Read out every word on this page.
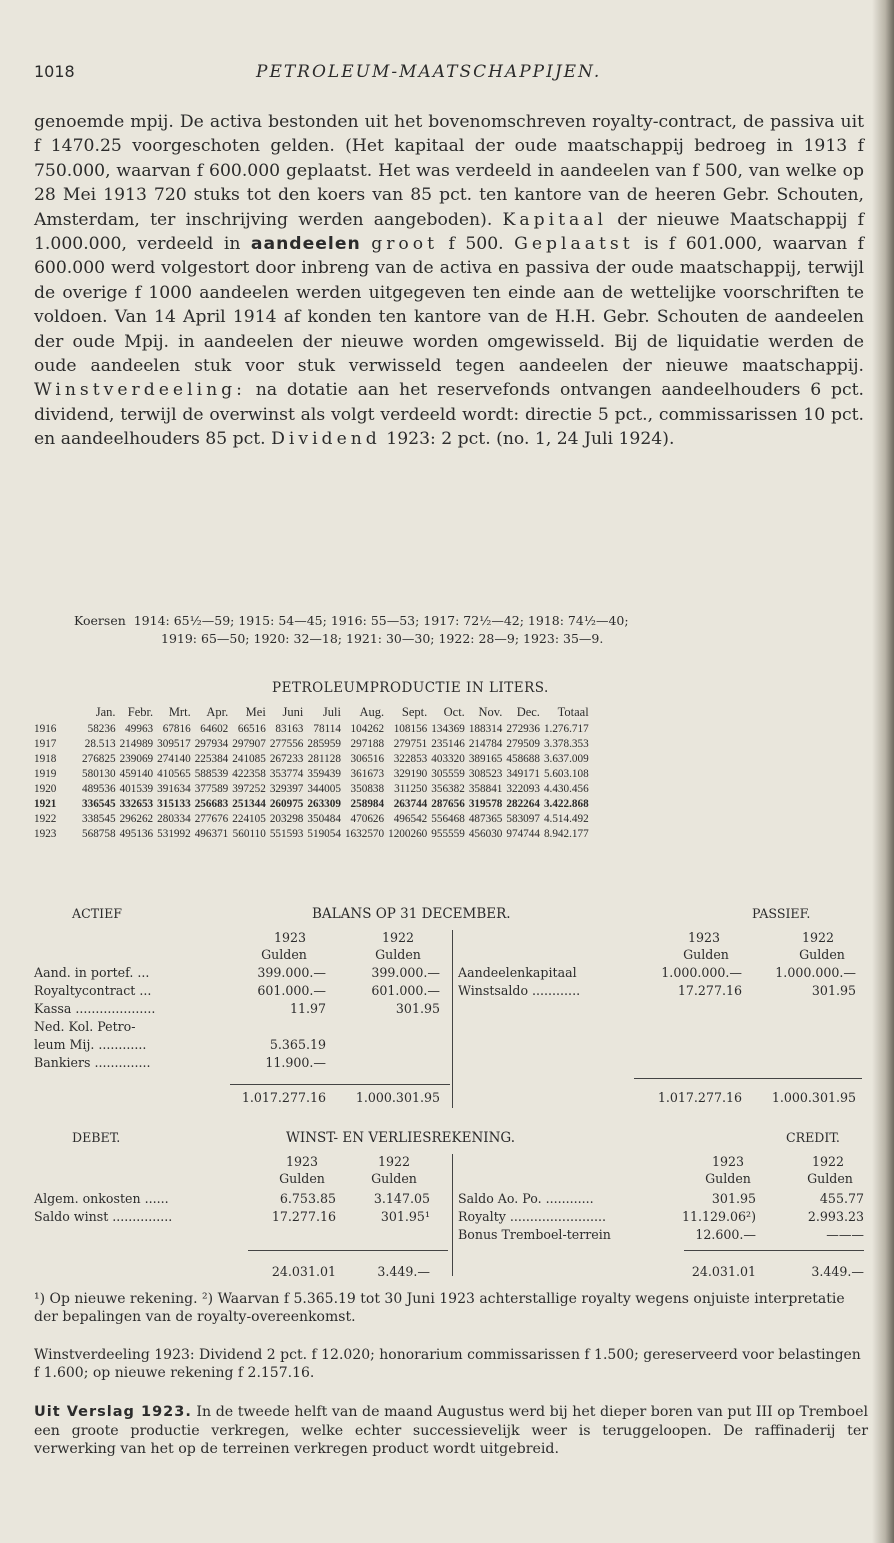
1018	PETROLEUM-MAATSCHAPPIJEN.
genoemde mpij. De activa bestonden uit het bovenomschreven royalty-contract, de passiva uit f 1470.25 voorgeschoten gelden. (Het kapitaal der oude maatschappij bedroeg in 1913 f 750.000, waarvan f 600.000 geplaatst. Het was verdeeld in aandeelen van f 500, van welke op 28 Mei 1913 720 stuks tot den koers van 85 pct. ten kantore van de heeren Gebr. Schouten, Amsterdam, ter inschrijving werden aangeboden). Kapitaal der nieuwe Maatschappij f 1.000.000, verdeeld in aandeelen groot f 500. Geplaatst is f 601.000, waarvan f 600.000 werd volgestort door inbreng van de activa en passiva der oude maatschappij, terwijl de overige f 1000 aandeelen werden uitgegeven ten einde aan de wettelijke voorschriften te voldoen. Van 14 April 1914 af konden ten kantore van de H.H. Gebr. Schouten de aandeelen der oude Mpij. in aandeelen der nieuwe worden omgewisseld. Bij de liquidatie werden de oude aandeelen stuk voor stuk verwisseld tegen aandeelen der nieuwe maatschappij. Winstverdeeling: na dotatie aan het reservefonds ontvangen aandeelhouders 6 pct. dividend, terwijl de overwinst als volgt verdeeld wordt: directie 5 pct., commissarissen 10 pct. en aandeelhouders 85 pct. Dividend 1923: 2 pct. (no. 1, 24 Juli 1924).
Koersen 1914: 65½—59; 1915: 54—45; 1916: 55—53; 1917: 72½—42; 1918: 74½—40;
1919: 65—50; 1920: 32—18; 1921: 30—30; 1922: 28—9; 1923: 35—9.
PETROLEUMPRODUCTIE IN LITERS.
	Jan.	Febr.	Mrt.	Apr.	Mei	Juni	Juli	Aug.	Sept.	Oct.	Nov.	Dec.	Totaal
1916	58236	49963	67816	64602	66516	83163	78114	104262	108156	134369	188314	272936	1.276.717
1917	28.513	214989	309517	297934	297907	277556	285959	297188	279751	235146	214784	279509	3.378.353
1918	276825	239069	274140	225384	241085	267233	281128	306516	322853	403320	389165	458688	3.637.009
1919	580130	459140	410565	588539	422358	353774	359439	361673	329190	305559	308523	349171	5.603.108
1920	489536	401539	391634	377589	397252	329397	344005	350838	311250	356382	358841	322093	4.430.456
1921	336545	332653	315133	256683	251344	260975	263309	258984	263744	287656	319578	282264	3.422.868
1922	338545	296262	280334	277676	224105	203298	350484	470626	496542	556468	487365	583097	4.514.492
1923	568758	495136	531992	496371	560110	551593	519054	1632570	1200260	955559	456030	974744	8.942.177
ACTIEF	BALANS OP 31 DECEMBER.	PASSIEF.
1923	1922
Gulden	Gulden
1923	1922
Gulden	Gulden
Aand. in portef. ...	399.000.—	399.000.—
Royaltycontract ...	601.000.—	601.000.—
Kassa ....................	11.97	301.95
Ned. Kol. Petro-
leum Mij. ............	5.365.19
Bankiers ..............	11.900.—
Aandeelenkapitaal	1.000.000.—	1.000.000.—
Winstsaldo ............	17.277.16	301.95
1.017.277.16	1.000.301.95	1.017.277.16	1.000.301.95
DEBET.	WINST- EN VERLIESREKENING.	CREDIT.
1923	1922
Gulden	Gulden
1923	1922
Gulden	Gulden
Algem. onkosten ......	6.753.85	3.147.05
Saldo winst ...............	17.277.16	301.95¹
Saldo Ao. Po. ............	301.95	455.77
Royalty ........................	11.129.06²)	2.993.23
Bonus Tremboel-terrein	12.600.—	———
24.031.01	3.449.—	24.031.01	3.449.—
¹) Op nieuwe rekening. ²) Waarvan f 5.365.19 tot 30 Juni 1923 achterstallige royalty wegens onjuiste interpretatie der bepalingen van de royalty-overeenkomst.
Winstverdeeling 1923: Dividend 2 pct. f 12.020; honorarium commissarissen f 1.500; gereserveerd voor belastingen f 1.600; op nieuwe rekening f 2.157.16.
Uit Verslag 1923. In de tweede helft van de maand Augustus werd bij het dieper boren van put III op Tremboel een groote productie verkregen, welke echter successievelijk weer is teruggeloopen. De raffinaderij ter verwerking van het op de terreinen verkregen product wordt uitgebreid.
